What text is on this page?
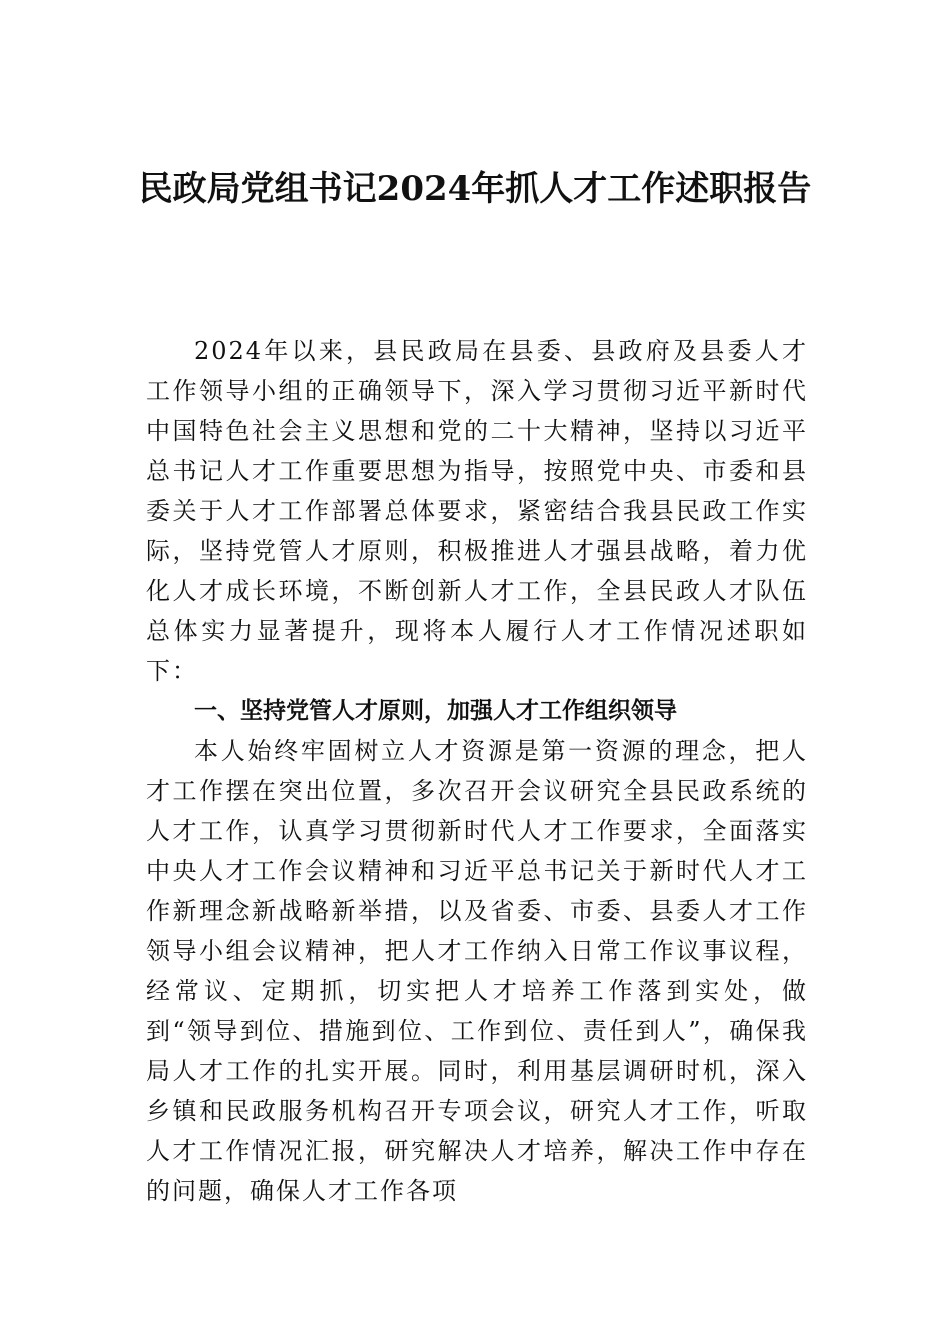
民政局党组书记2024年抓人才工作述职报告

2024年以来，县民政局在县委、县政府及县委人才工作领导小组的正确领导下，深入学习贯彻习近平新时代中国特色社会主义思想和党的二十大精神，坚持以习近平总书记人才工作重要思想为指导，按照党中央、市委和县委关于人才工作部署总体要求，紧密结合我县民政工作实际，坚持党管人才原则，积极推进人才强县战略，着力优化人才成长环境，不断创新人才工作，全县民政人才队伍总体实力显著提升，现将本人履行人才工作情况述职如下：

一、坚持党管人才原则，加强人才工作组织领导

本人始终牢固树立人才资源是第一资源的理念，把人才工作摆在突出位置，多次召开会议研究全县民政系统的人才工作，认真学习贯彻新时代人才工作要求，全面落实中央人才工作会议精神和习近平总书记关于新时代人才工作新理念新战略新举措，以及省委、市委、县委人才工作领导小组会议精神，把人才工作纳入日常工作议事议程，经常议、定期抓，切实把人才培养工作落到实处，做到“领导到位、措施到位、工作到位、责任到人”，确保我局人才工作的扎实开展。同时，利用基层调研时机，深入乡镇和民政服务机构召开专项会议，研究人才工作，听取人才工作情况汇报，研究解决人才培养，解决工作中存在的问题，确保人才工作各项
